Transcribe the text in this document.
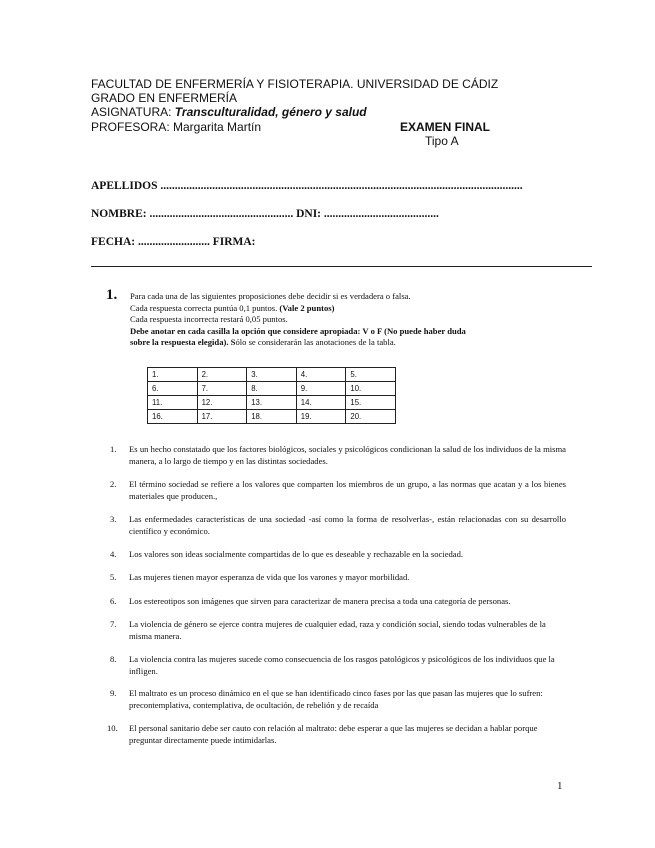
FACULTAD DE ENFERMERÍA Y FISIOTERAPIA. UNIVERSIDAD DE CÁDIZ
GRADO EN ENFERMERÍA
ASIGNATURA: Transculturalidad, género y salud
PROFESORA: Margarita Martín	EXAMEN FINAL
Tipo A
APELLIDOS ..............................................................................................................................
NOMBRE: .................................................. DNI: ........................................
FECHA: ......................... FIRMA:
1. Para cada una de las siguientes proposiciones debe decidir si es verdadera o falsa.
Cada respuesta correcta puntúa 0,1 puntos. (Vale 2 puntos)
Cada respuesta incorrecta restará 0,05 puntos.
Debe anotar en cada casilla la opción que considere apropiada: V o F (No puede haber duda
sobre la respuesta elegida). Sólo se considerarán las anotaciones de la tabla.
1.	2.	3.	4.	5.
6.	7.	8.	9.	10.
11.	12.	13.	14.	15.
16.	17.	18.	19.	20.
1. Es un hecho constatado que los factores biológicos, sociales y psicológicos condicionan la salud de los individuos de la misma manera, a lo largo de tiempo y en las distintas sociedades.
2. El término sociedad se refiere a los valores que comparten los miembros de un grupo, a las normas que acatan y a los bienes materiales que producen.,
3. Las enfermedades características de una sociedad -así como la forma de resolverlas-, están relacionadas con su desarrollo científico y económico.
4. Los valores son ideas socialmente compartidas de lo que es deseable y rechazable en la sociedad.
5. Las mujeres tienen mayor esperanza de vida que los varones y mayor morbilidad.
6. Los estereotipos son imágenes que sirven para caracterizar de manera precisa a toda una categoría de personas.
7. La violencia de género se ejerce contra mujeres de cualquier edad, raza y condición social, siendo todas vulnerables de la misma manera.
8. La violencia contra las mujeres sucede como consecuencia de los rasgos patológicos y psicológicos de los individuos que la infligen.
9. El maltrato es un proceso dinámico en el que se han identificado cinco fases por las que pasan las mujeres que lo sufren: precontemplativa, contemplativa, de ocultación, de rebelión y de recaída
10. El personal sanitario debe ser cauto con relación al maltrato: debe esperar a que las mujeres se decidan a hablar porque preguntar directamente puede intimidarlas.
1
